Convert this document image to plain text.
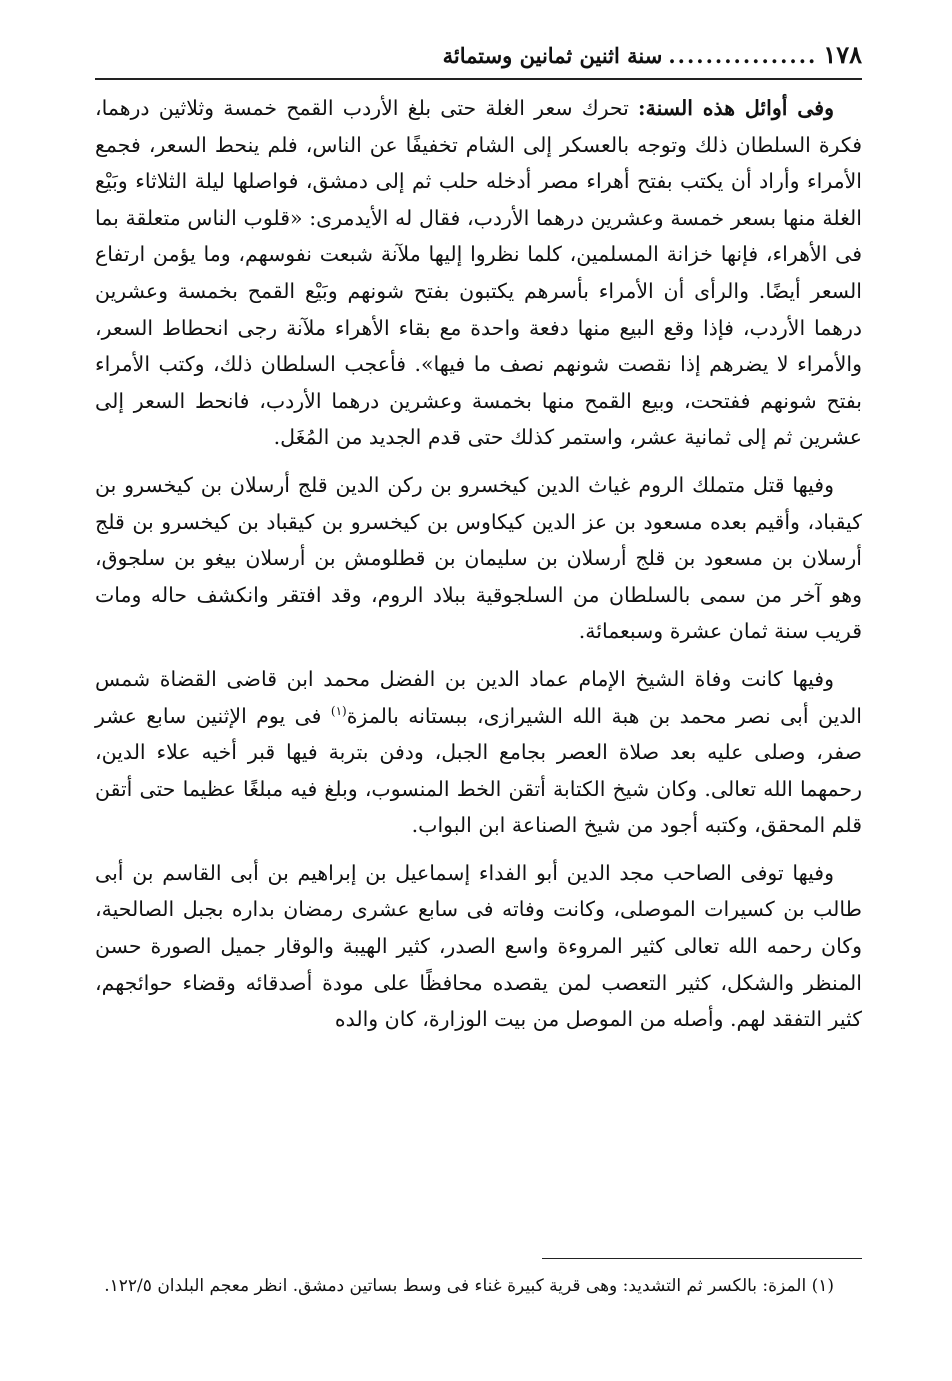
١٧٨
................
سنة اثنين ثمانين وستمائة

وفى أوائل هذه السنة: تحرك سعر الغلة حتى بلغ الأردب القمح خمسة وثلاثين درهما، فكرة السلطان ذلك وتوجه بالعسكر إلى الشام تخفيفًا عن الناس، فلم ينحط السعر، فجمع الأمراء وأراد أن يكتب بفتح أهراء مصر أدخله حلب ثم إلى دمشق، فواصلها ليلة الثلاثاء وبَيْع الغلة منها بسعر خمسة وعشرين درهما الأردب، فقال له الأيدمرى: «قلوب الناس متعلقة بما فى الأهراء، فإنها خزانة المسلمين، كلما نظروا إليها ملآنة شبعت نفوسهم، وما يؤمن ارتفاع السعر أيضًا. والرأى أن الأمراء بأسرهم يكتبون بفتح شونهم وبَيْع القمح بخمسة وعشرين درهما الأردب، فإذا وقع البيع منها دفعة واحدة مع بقاء الأهراء ملآنة رجى انحطاط السعر، والأمراء لا يضرهم إذا نقصت شونهم نصف ما فيها». فأعجب السلطان ذلك، وكتب الأمراء بفتح شونهم ففتحت، وبيع القمح منها بخمسة وعشرين درهما الأردب، فانحط السعر إلى عشرين ثم إلى ثمانية عشر، واستمر كذلك حتى قدم الجديد من المُغَل.

وفيها قتل متملك الروم غياث الدين كيخسرو بن ركن الدين قلج أرسلان بن كيخسرو بن كيقباد، وأقيم بعده مسعود بن عز الدين كيكاوس بن كيخسرو بن كيقباد بن كيخسرو بن قلج أرسلان بن مسعود بن قلج أرسلان بن سليمان بن قطلومش بن أرسلان بيغو بن سلجوق، وهو آخر من سمى بالسلطان من السلجوقية ببلاد الروم، وقد افتقر وانكشف حاله ومات قريب سنة ثمان عشرة وسبعمائة.

وفيها كانت وفاة الشيخ الإمام عماد الدين بن الفضل محمد ابن قاضى القضاة شمس الدين أبى نصر محمد بن هبة الله الشيرازى، ببستانه بالمزة$^{(١)}$ فى يوم الإثنين سابع عشر صفر، وصلى عليه بعد صلاة العصر بجامع الجبل، ودفن بتربة فيها قبر أخيه علاء الدين، رحمهما الله تعالى. وكان شيخ الكتابة أتقن الخط المنسوب، وبلغ فيه مبلغًا عظيما حتى أتقن قلم المحقق، وكتبه أجود من شيخ الصناعة ابن البواب.

وفيها توفى الصاحب مجد الدين أبو الفداء إسماعيل بن إبراهيم بن أبى القاسم بن أبى طالب بن كسيرات الموصلى، وكانت وفاته فى سابع عشرى رمضان بداره بجبل الصالحية، وكان رحمه الله تعالى كثير المروءة واسع الصدر، كثير الهيبة والوقار جميل الصورة حسن المنظر والشكل، كثير التعصب لمن يقصده محافظًا على مودة أصدقائه وقضاء حوائجهم، كثير التفقد لهم. وأصله من الموصل من بيت الوزارة، كان والده

(١) المزة: بالكسر ثم التشديد: وهى قرية كبيرة غناء فى وسط بساتين دمشق. انظر معجم البلدان ١٢٢/٥.
